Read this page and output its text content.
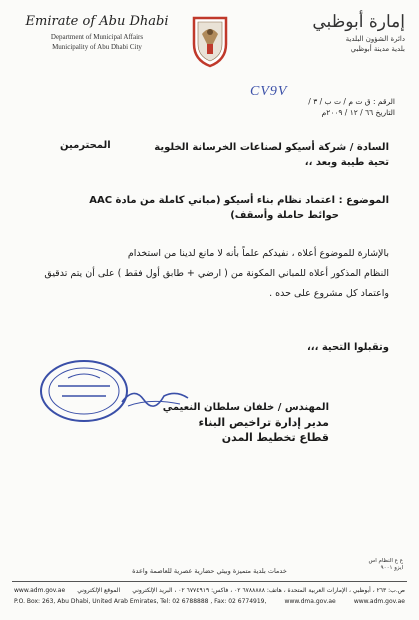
Emirate of Abu Dhabi
Department of Municipal Affairs
Municipality of Abu Dhabi City
إمارة أبوظبي
دائرة الشؤون البلدية
بلدية مدينة أبوظبي
CV9V
الرقم : ق ت م / ت ب / ٣ /
التاريخ ٦٦ / ١٢ / ٢٠٠٩م
المحترمين	السادة / شركة أسيكو لصناعات الخرسانة الخلوية
تحية طيبة وبعد ،،
الموضوع : اعتماد نظام بناء أسيكو (مباني كاملة من مادة AAC
حوائط حاملة وأسقف)
بالإشارة للموضوع أعلاه ، نفيدكم علماً بأنه لا مانع لدينا من استخدام
النظام المذكور أعلاه للمباني المكونة من ( ارضي + طابق أول فقط ) على أن يتم تدقيق
واعتماد كل مشروع على حده .
وتقبلوا التحية ،،،
المهندس / خلفان سلطان النعيمي
مدير إدارة تراخيص البناء
قطاع تخطيط المدن
ع ع النظام اس
ايزو ٩٠٠١
خدمات بلدية متميزة وبيئي حضارية عصرية للعاصمة واعدة
ص.ب: ٢٦٣ ، أبوظبي ، الإمارات العربية المتحدة ، هاتف: ٦٧٨٨٨٨٨ ٠٢ ، فاكس: ٦٧٧٤٩١٩ ٠٢ ، البريد الإلكتروني
الموقع الإلكتروني
www.adm.gov.ae
P.O. Box: 263, Abu Dhabi, United Arab Emirates, Tel: 02 6788888 , Fax: 02 6774919,	www.dma.gov.ae	www.adm.gov.ae
